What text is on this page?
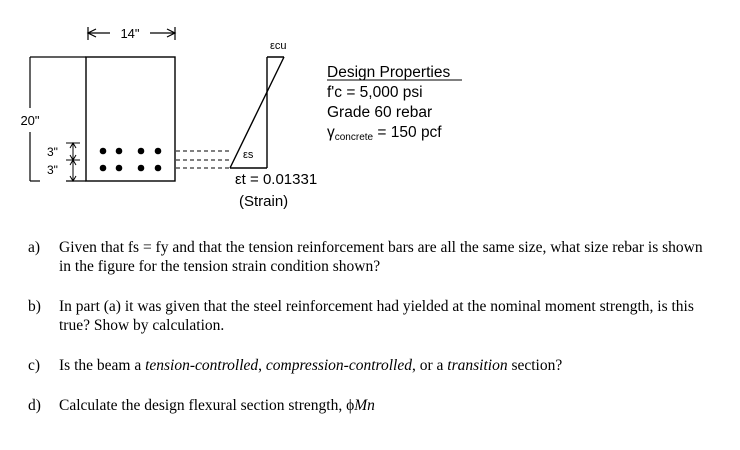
14"
20"
3"
3"
εcu
εs
εt = 0.01331
(Strain)
Design Properties
f'c = 5,000 psi
Grade 60 rebar
γconcrete = 150 pcf
a)	Given that fs = fy and that the tension reinforcement bars are all the same size, what size rebar is shown in the figure for the tension strain condition shown?
b)	In part (a) it was given that the steel reinforcement had yielded at the nominal moment strength, is this true? Show by calculation.
c)	Is the beam a tension-controlled, compression-controlled, or a transition section?
d)	Calculate the design flexural section strength, ϕMn
